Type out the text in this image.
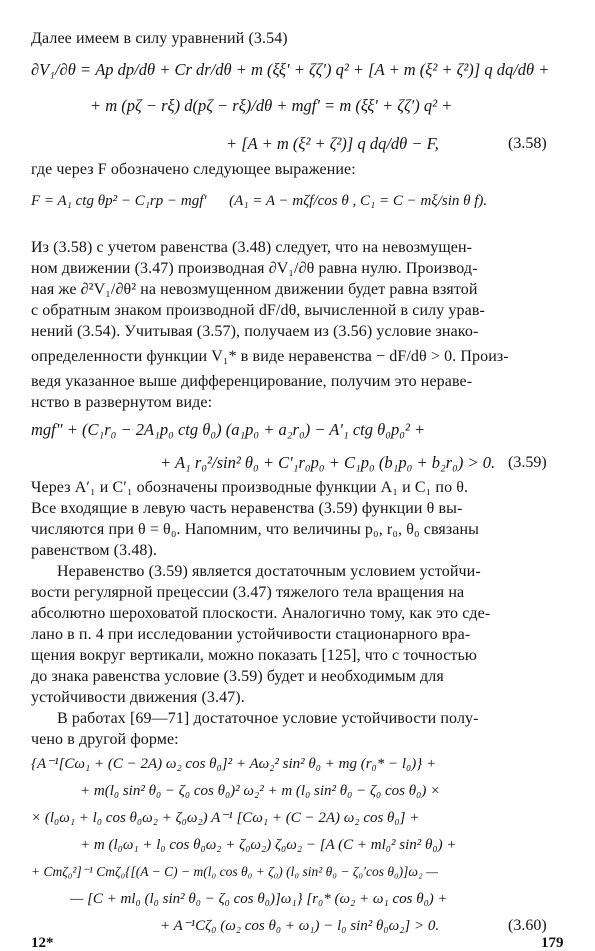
Далее имеем в силу уравнений (3.54)
∂V₁/∂θ = Ap dp/dθ + Cr dr/dθ + m (ξξ′ + ζζ′) q² + [A + m (ξ² + ζ²)] q dq/dθ +
+ m (pζ − rξ) d(pζ − rξ)/dθ + mgf′ = m (ξξ′ + ζζ′) q² +
+ [A + m (ξ² + ζ²)] q dq/dθ − F,	(3.58)
где через F обозначено следующее выражение:
F = A₁ ctg θp² − C₁rp − mgf′      (A₁ = A − mζf/cos θ , C₁ = C − mξ/sin θ f).
Из (3.58) с учетом равенства (3.48) следует, что на невозмущен-
ном движении (3.47) производная ∂V₁/∂θ равна нулю. Производ-
ная же ∂²V₁/∂θ² на невозмущенном движении будет равна взятой
с обратным знаком производной dF/dθ, вычисленной в силу урав-
нений (3.54). Учитывая (3.57), получаем из (3.56) условие знако-
определенности функции V₁* в виде неравенства − dF/dθ > 0. Произ-
ведя указанное выше дифференцирование, получим это нераве-
нство в развернутом виде:
mgf″ + (C₁r₀ − 2A₁p₀ ctg θ₀) (a₁p₀ + a₂r₀) − A′₁ ctg θ₀p₀² +
+ A₁ r₀²/sin² θ₀ + C′₁r₀p₀ + C₁p₀ (b₁p₀ + b₂r₀) > 0. (3.59)
Через A′₁ и C′₁ обозначены производные функции A₁ и C₁ по θ.
Все входящие в левую часть неравенства (3.59) функции θ вы-
числяются при θ = θ₀. Напомним, что величины p₀, r₀, θ₀ связаны
равенством (3.48).
Неравенство (3.59) является достаточным условием устойчи-
вости регулярной прецессии (3.47) тяжелого тела вращения на
абсолютно шероховатой плоскости. Аналогично тому, как это сде-
лано в п. 4 при исследовании устойчивости стационарного вра-
щения вокруг вертикали, можно показать [125], что с точностью
до знака равенства условие (3.59) будет и необходимым для
устойчивости движения (3.47).
В работах [69—71] достаточное условие устойчивости полу-
чено в другой форме:
{A⁻¹[Cω₁ + (C − 2A) ω₂ cos θ₀]² + Aω₂² sin² θ₀ + mg (r₀* − l₀)} +
+ m(l₀ sin² θ₀ − ζ₀ cos θ₀)² ω₂² + m (l₀ sin² θ₀ − ζ₀ cos θ₀) ×
× (l₀ω₁ + l₀ cos θ₀ω₂ + ζ₀ω₂) A⁻¹ [Cω₁ + (C − 2A) ω₂ cos θ₀] +
+ m (l₀ω₁ + l₀ cos θ₀ω₂ + ζ₀ω₂) ζ₀ω₂ − [A (C + ml₀² sin² θ₀) +
+ Cmζ₀²]⁻¹ Cmζ₀{[(A − C) − m(l₀ cos θ₀ + ζ₀) (l₀ sin² θ₀ − ζ₀′cos θ₀)]ω₂ —
— [C + ml₀ (l₀ sin² θ₀ − ζ₀ cos θ₀)]ω₁} [r₀* (ω₂ + ω₁ cos θ₀) +
+ A⁻¹Cζ₀ (ω₂ cos θ₀ + ω₁) − l₀ sin² θ₀ω₂] > 0.	(3.60)
12*	179
